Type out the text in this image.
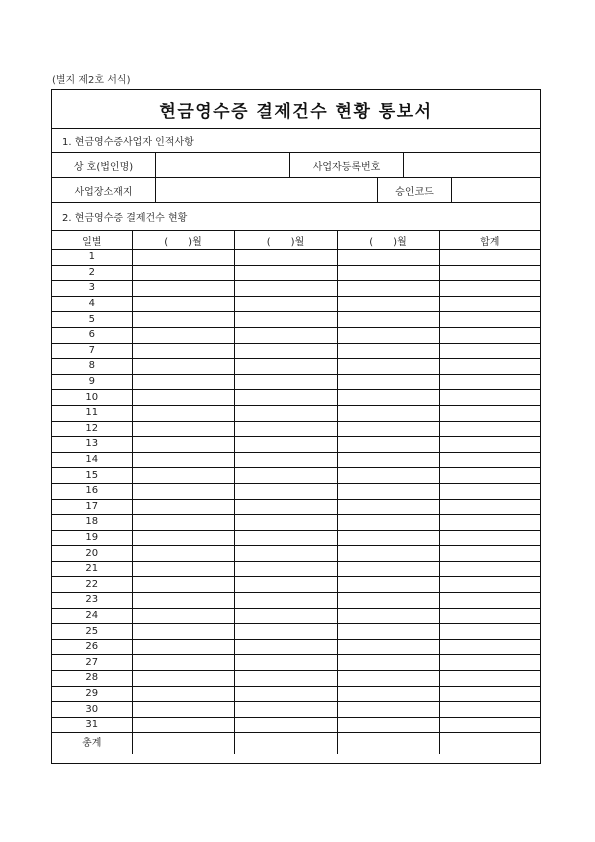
(별지 제2호 서식)
현금영수증 결제건수 현황 통보서
1. 현금영수증사업자 인적사항
상 호(법인명)	사업자등록번호
사업장소재지	승인코드
2. 현금영수증 결제건수 현황
일별	(　　)월	(　　)월	(　　)월	합계
1				
2				
3				
4				
5				
6				
7				
8				
9				
10				
11				
12				
13				
14				
15				
16				
17				
18				
19				
20				
21				
22				
23				
24				
25				
26				
27				
28				
29				
30				
31				
총계				
